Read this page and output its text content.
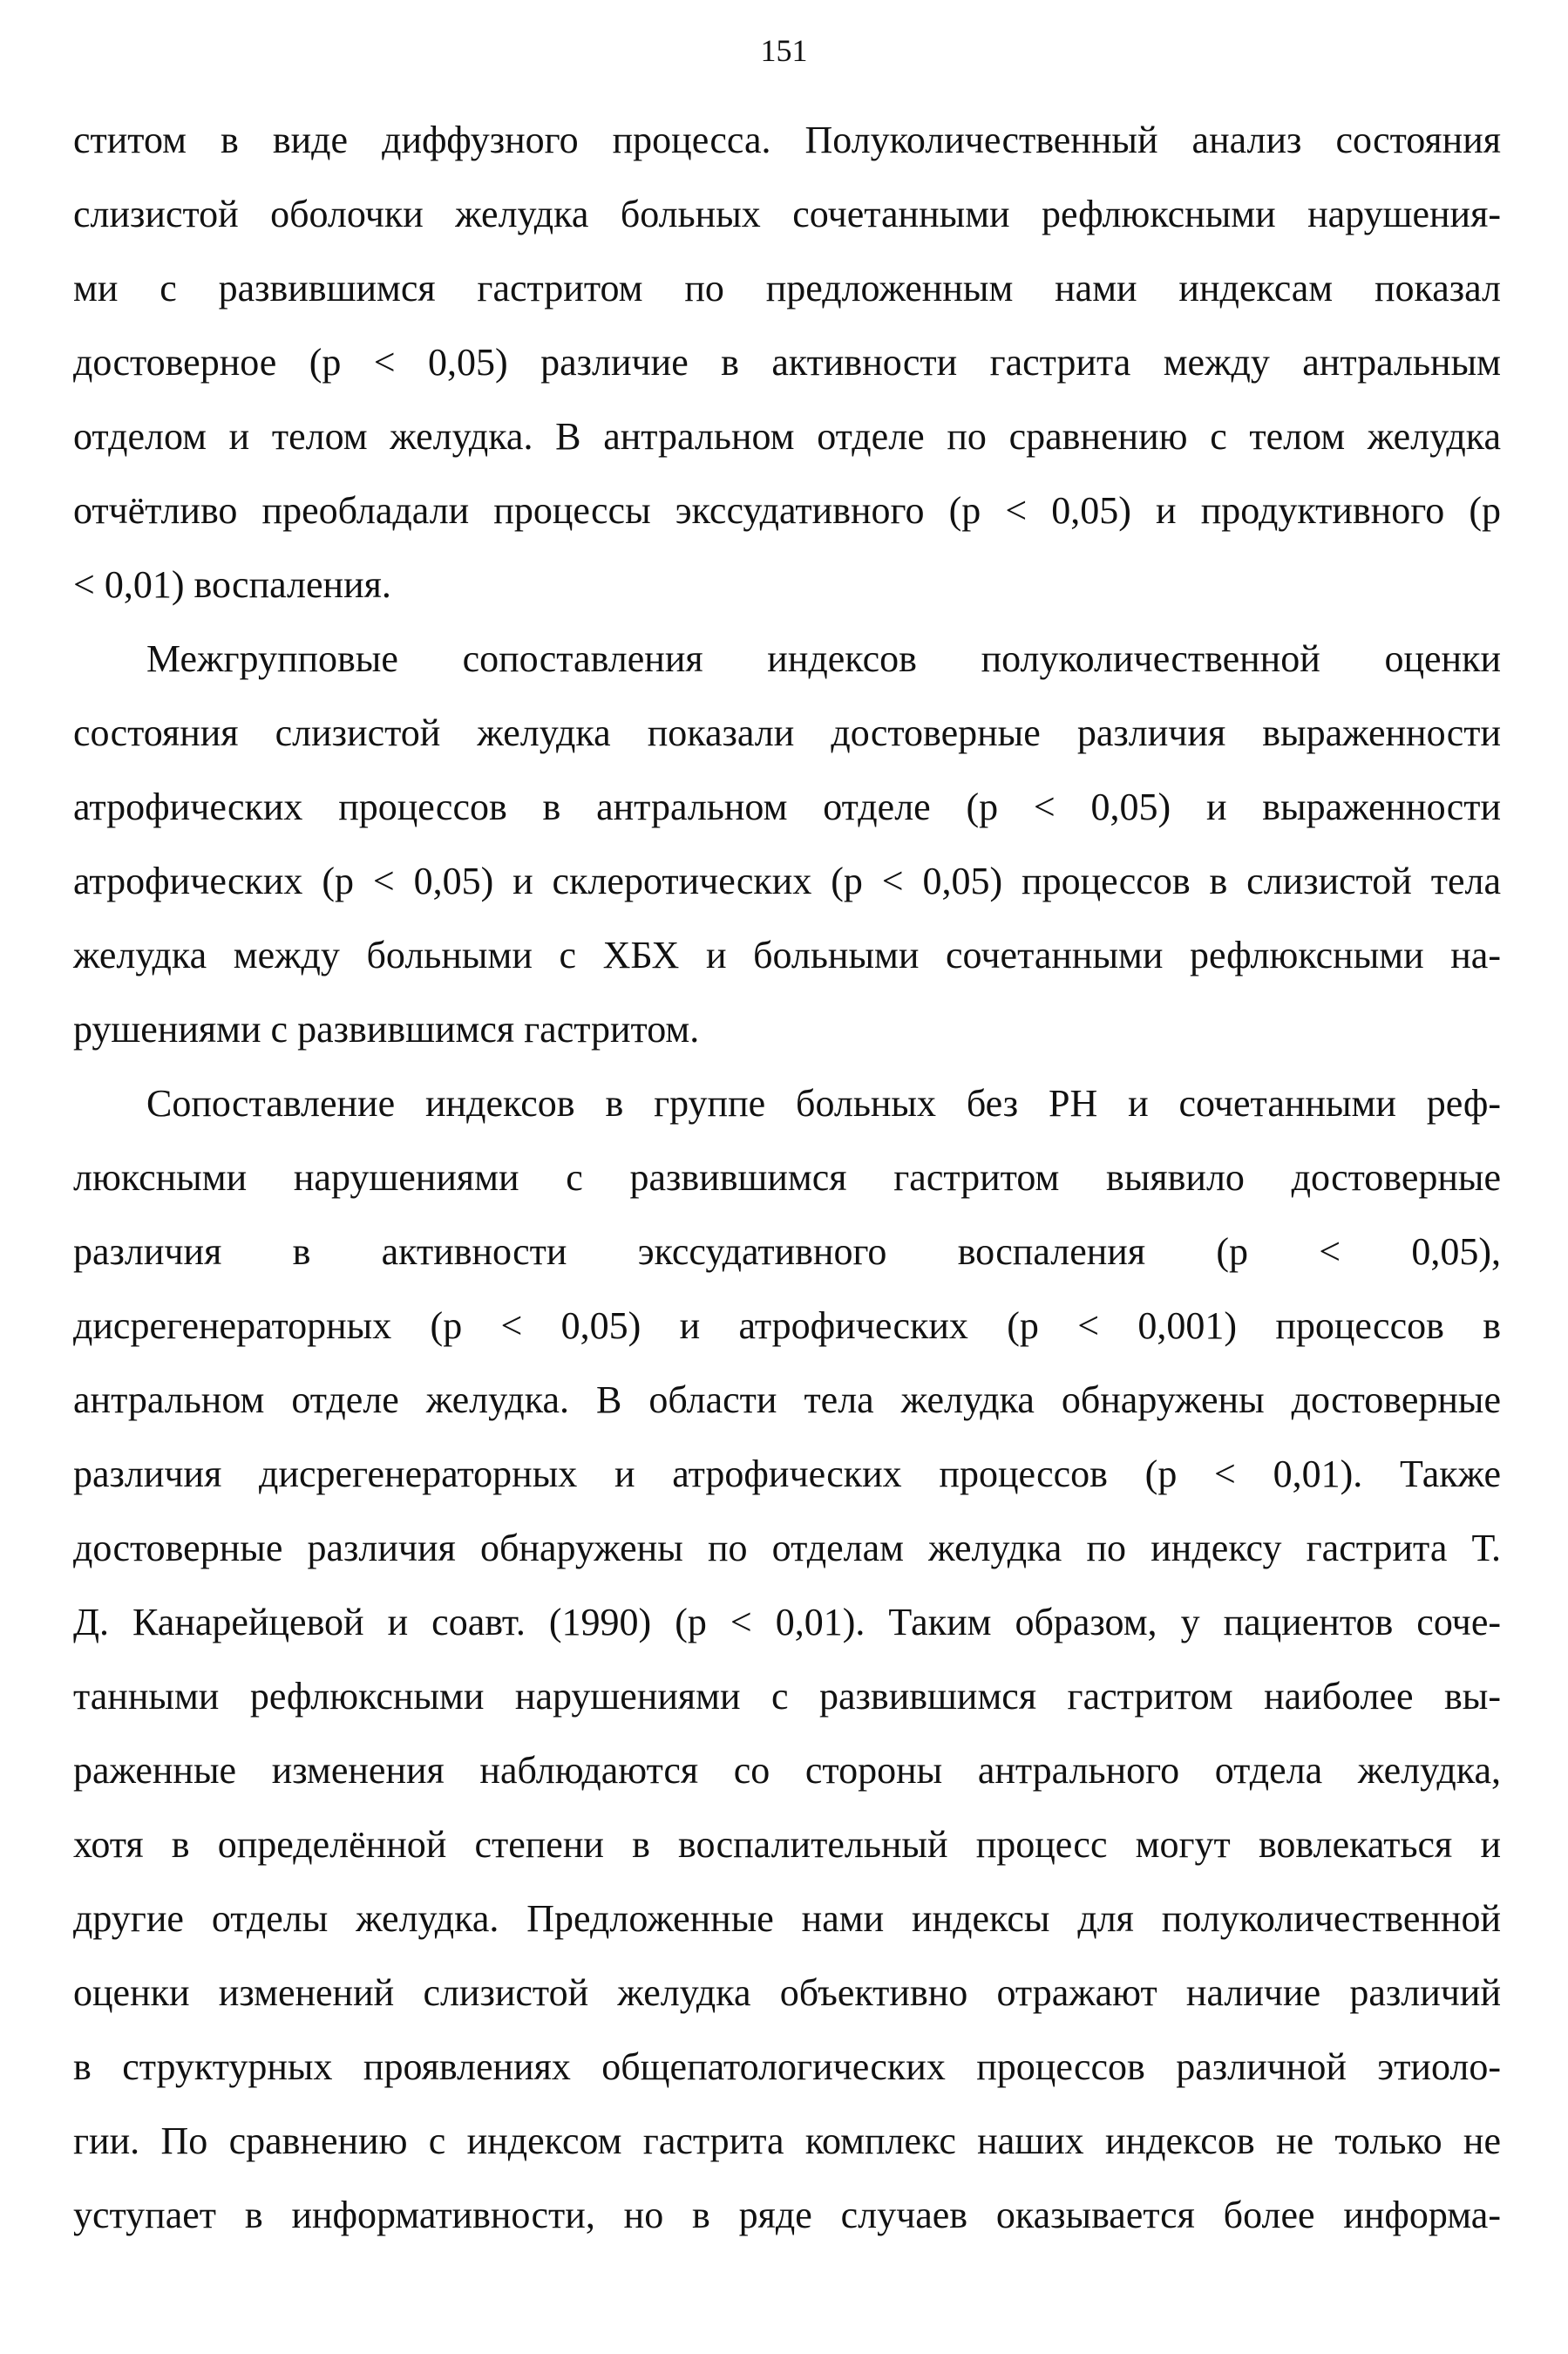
151
ститом в виде диффузного процесса. Полуколичественный анализ состояния
слизистой оболочки желудка больных сочетанными рефлюксными нарушения-
ми с развившимся гастритом по предложенным нами индексам показал
достоверное (р < 0,05) различие в активности гастрита между антральным
отделом и телом желудка. В антральном отделе по сравнению с телом желудка
отчётливо преобладали процессы экссудативного (р < 0,05) и продуктивного (р
< 0,01) воспаления.
Межгрупповые сопоставления индексов полуколичественной оценки
состояния слизистой желудка показали достоверные различия выраженности
атрофических процессов в антральном отделе (р < 0,05) и выраженности
атрофических (р < 0,05) и склеротических (р < 0,05) процессов в слизистой тела
желудка между больными с ХБХ и больными сочетанными рефлюксными на-
рушениями с развившимся гастритом.
Сопоставление индексов в группе больных без РН и сочетанными реф-
люксными нарушениями с развившимся гастритом выявило достоверные
различия в активности экссудативного воспаления (р < 0,05),
дисрегенераторных (р < 0,05) и атрофических (р < 0,001) процессов в
антральном отделе желудка. В области тела желудка обнаружены достоверные
различия дисрегенераторных и атрофических процессов (р < 0,01). Также
достоверные различия обнаружены по отделам желудка по индексу гастрита Т.
Д. Канарейцевой и соавт. (1990) (р < 0,01). Таким образом, у пациентов соче-
танными рефлюксными нарушениями с развившимся гастритом наиболее вы-
раженные изменения наблюдаются со стороны антрального отдела желудка,
хотя в определённой степени в воспалительный процесс могут вовлекаться и
другие отделы желудка. Предложенные нами индексы для полуколичественной
оценки изменений слизистой желудка объективно отражают наличие различий
в структурных проявлениях общепатологических процессов различной этиоло-
гии. По сравнению с индексом гастрита комплекс наших индексов не только не
уступает в информативности, но в ряде случаев оказывается более информа-
